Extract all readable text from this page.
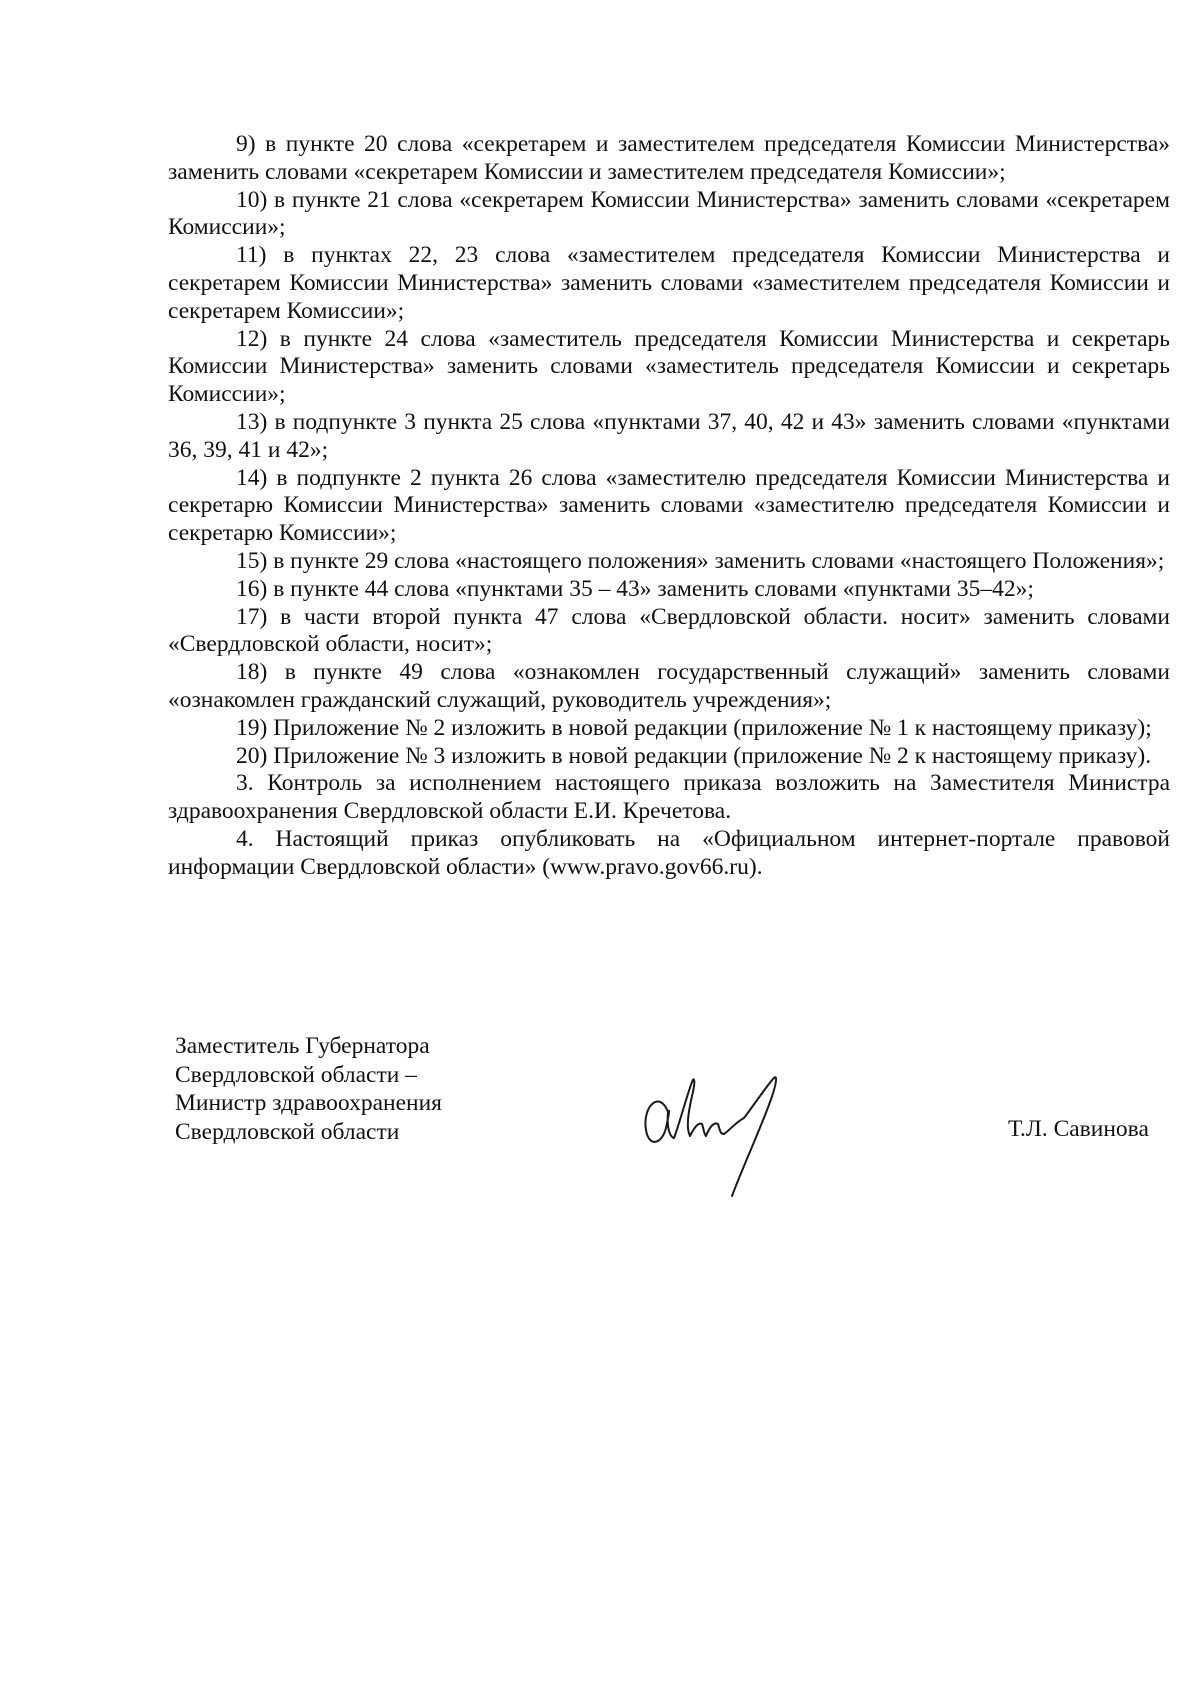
9) в пункте 20 слова «секретарем и заместителем председателя Комиссии Министерства» заменить словами «секретарем Комиссии и заместителем председателя Комиссии»;

10) в пункте 21 слова «секретарем Комиссии Министерства» заменить словами «секретарем Комиссии»;

11) в пунктах 22, 23 слова «заместителем председателя Комиссии Министерства и секретарем Комиссии Министерства» заменить словами «заместителем председателя Комиссии и секретарем Комиссии»;

12) в пункте 24 слова «заместитель председателя Комиссии Министерства и секретарь Комиссии Министерства» заменить словами «заместитель председателя Комиссии и секретарь Комиссии»;

13) в подпункте 3 пункта 25 слова «пунктами 37, 40, 42 и 43» заменить словами «пунктами 36, 39, 41 и 42»;

14) в подпункте 2 пункта 26 слова «заместителю председателя Комиссии Министерства и секретарю Комиссии Министерства» заменить словами «заместителю председателя Комиссии и секретарю Комиссии»;

15) в пункте 29 слова «настоящего положения» заменить словами «настоящего Положения»;

16) в пункте 44 слова «пунктами 35 – 43» заменить словами «пунктами 35–42»;

17) в части второй пункта 47 слова «Свердловской области. носит» заменить словами «Свердловской области, носит»;

18) в пункте 49 слова «ознакомлен государственный служащий» заменить словами «ознакомлен гражданский служащий, руководитель учреждения»;

19) Приложение № 2 изложить в новой редакции (приложение № 1 к настоящему приказу);

20) Приложение № 3 изложить в новой редакции (приложение № 2 к настоящему приказу).

3. Контроль за исполнением настоящего приказа возложить на Заместителя Министра здравоохранения Свердловской области Е.И. Кречетова.

4. Настоящий приказ опубликовать на «Официальном интернет-портале правовой информации Свердловской области» (www.pravo.gov66.ru).

Заместитель Губернатора
Свердловской области –
Министр здравоохранения
Свердловской области	Т.Л. Савинова
